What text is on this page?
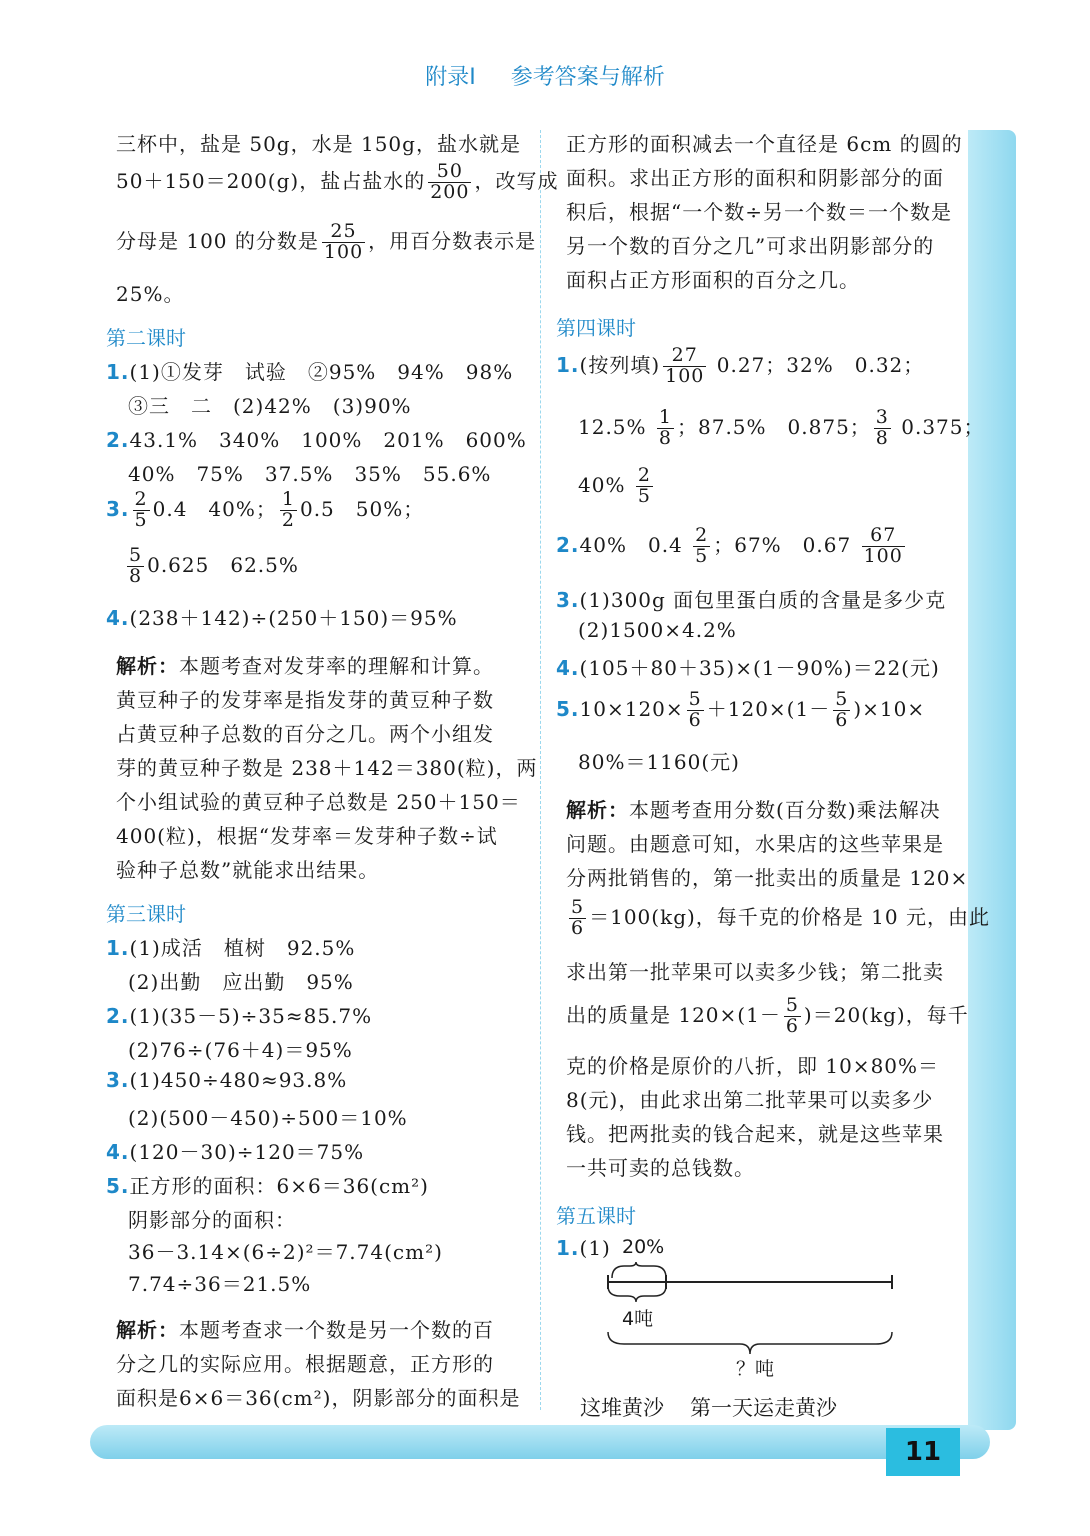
11
附录Ⅰ 参考答案与解析
三杯中，盐是 50g，水是 150g，盐水就是
50＋150＝200(g)，盐占盐水的 $\frac{50}{200}$ ，改写成
分母是 100 的分数是 $\frac{25}{100}$ ，用百分数表示是
25%。
第二课时
1.(1)①发芽　试验　②95%　94%　98%
③三　二　(2)42%　(3)90%
2.43.1%　340%　100%　201%　600%
40%　75%　37.5%　35%　55.6%
3. $\frac{2}{5} 0.4$　40%； $\frac{1}{2} 0.5$　50%；
$\frac{5}{8} 0.625$　62.5%
4.(238＋142)÷(250＋150)＝95%
解析：本题考查对发芽率的理解和计算。
黄豆种子的发芽率是指发芽的黄豆种子数
占黄豆种子总数的百分之几。两个小组发
芽的黄豆种子数是 238＋142＝380(粒)，两
个小组试验的黄豆种子总数是 250＋150＝
400(粒)，根据“发芽率＝发芽种子数÷试
验种子总数”就能求出结果。
第三课时
1.(1)成活　植树　92.5%
(2)出勤　应出勤　95%
2.(1)(35－5)÷35≈85.7%
(2)76÷(76＋4)＝95%
3.(1)450÷480≈93.8%
(2)(500－450)÷500＝10%
4.(120－30)÷120＝75%
5.正方形的面积：6×6＝36(cm²)
阴影部分的面积：
36－3.14×(6÷2)²＝7.74(cm²)
7.74÷36＝21.5%
解析：本题考查求一个数是另一个数的百
分之几的实际应用。根据题意，正方形的
面积是6×6＝36(cm²)，阴影部分的面积是
正方形的面积减去一个直径是 6cm 的圆的
面积。求出正方形的面积和阴影部分的面
积后，根据“一个数÷另一个数＝一个数是
另一个数的百分之几”可求出阴影部分的
面积占正方形面积的百分之几。
第四课时
1.(按列填) $\frac{27}{100} 0.27$；32%　0.32；
$12.5\% \frac{1}{8}$ ；87.5%　0.875； $\frac{3}{8} 0.375$；
$40\% \frac{2}{5}$
2.40%　$0.4 \frac{2}{5}$ ；67%　$0.67 \frac{67}{100}$
3.(1)300g 面包里蛋白质的含量是多少克
(2)1500×4.2%
4.(105＋80＋35)×(1－90%)＝22(元)
$5.10\times 120\times \frac{5}{6} +120\times(1- \frac{5}{6} )\times 10\times$
80%＝1160(元)
解析：本题考查用分数(百分数)乘法解决
问题。由题意可知，水果店的这些苹果是
分两批销售的，第一批卖出的质量是 120×
$\frac{5}{6} =100(kg)$，每千克的价格是 10 元，由此
求出第一批苹果可以卖多少钱；第二批卖
出的质量是 $120\times(1- \frac{5}{6} )=20(kg)$，每千
克的价格是原价的八折，即 10×80%＝
8(元)，由此求出第二批苹果可以卖多少
钱。把两批卖的钱合起来，就是这些苹果
一共可卖的总钱数。
第五课时
1.(1) 20%
4吨
？吨
这堆黄沙 第一天运走黄沙
